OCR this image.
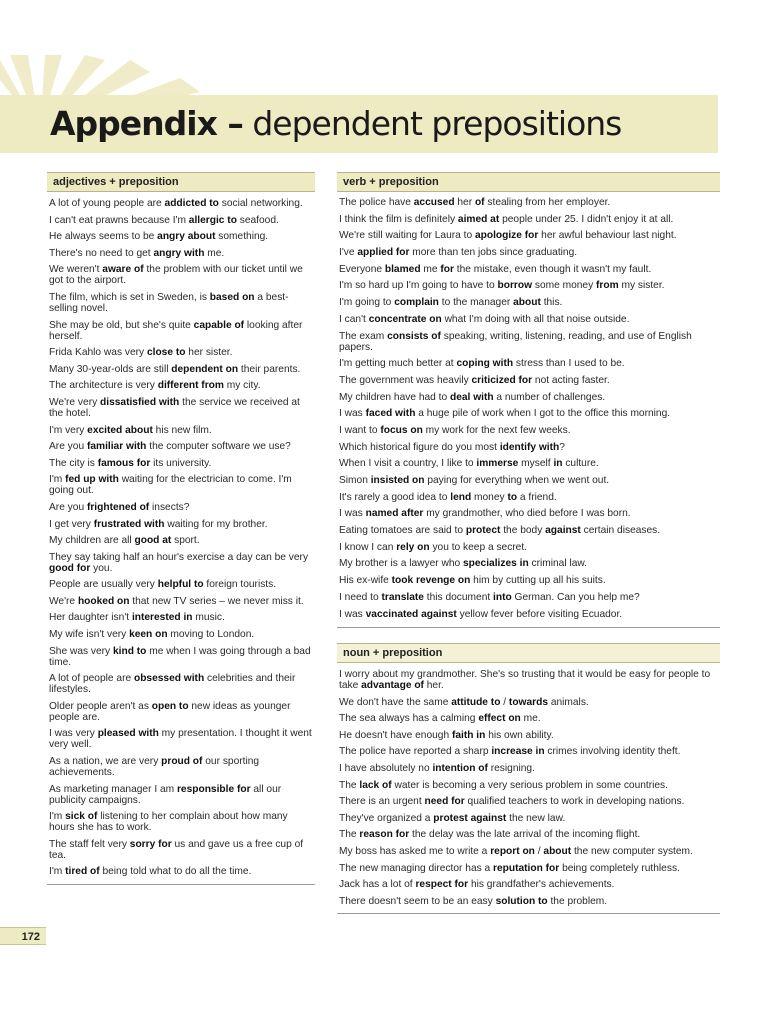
Appendix – dependent prepositions
adjectives + preposition
A lot of young people are addicted to social networking.
I can't eat prawns because I'm allergic to seafood.
He always seems to be angry about something.
There's no need to get angry with me.
We weren't aware of the problem with our ticket until we got to the airport.
The film, which is set in Sweden, is based on a best-selling novel.
She may be old, but she's quite capable of looking after herself.
Frida Kahlo was very close to her sister.
Many 30-year-olds are still dependent on their parents.
The architecture is very different from my city.
We're very dissatisfied with the service we received at the hotel.
I'm very excited about his new film.
Are you familiar with the computer software we use?
The city is famous for its university.
I'm fed up with waiting for the electrician to come. I'm going out.
Are you frightened of insects?
I get very frustrated with waiting for my brother.
My children are all good at sport.
They say taking half an hour's exercise a day can be very good for you.
People are usually very helpful to foreign tourists.
We're hooked on that new TV series – we never miss it.
Her daughter isn't interested in music.
My wife isn't very keen on moving to London.
She was very kind to me when I was going through a bad time.
A lot of people are obsessed with celebrities and their lifestyles.
Older people aren't as open to new ideas as younger people are.
I was very pleased with my presentation. I thought it went very well.
As a nation, we are very proud of our sporting achievements.
As marketing manager I am responsible for all our publicity campaigns.
I'm sick of listening to her complain about how many hours she has to work.
The staff felt very sorry for us and gave us a free cup of tea.
I'm tired of being told what to do all the time.
verb + preposition
The police have accused her of stealing from her employer.
I think the film is definitely aimed at people under 25. I didn't enjoy it at all.
We're still waiting for Laura to apologize for her awful behaviour last night.
I've applied for more than ten jobs since graduating.
Everyone blamed me for the mistake, even though it wasn't my fault.
I'm so hard up I'm going to have to borrow some money from my sister.
I'm going to complain to the manager about this.
I can't concentrate on what I'm doing with all that noise outside.
The exam consists of speaking, writing, listening, reading, and use of English papers.
I'm getting much better at coping with stress than I used to be.
The government was heavily criticized for not acting faster.
My children have had to deal with a number of challenges.
I was faced with a huge pile of work when I got to the office this morning.
I want to focus on my work for the next few weeks.
Which historical figure do you most identify with?
When I visit a country, I like to immerse myself in culture.
Simon insisted on paying for everything when we went out.
It's rarely a good idea to lend money to a friend.
I was named after my grandmother, who died before I was born.
Eating tomatoes are said to protect the body against certain diseases.
I know I can rely on you to keep a secret.
My brother is a lawyer who specializes in criminal law.
His ex-wife took revenge on him by cutting up all his suits.
I need to translate this document into German. Can you help me?
I was vaccinated against yellow fever before visiting Ecuador.
noun + preposition
I worry about my grandmother. She's so trusting that it would be easy for people to take advantage of her.
We don't have the same attitude to / towards animals.
The sea always has a calming effect on me.
He doesn't have enough faith in his own ability.
The police have reported a sharp increase in crimes involving identity theft.
I have absolutely no intention of resigning.
The lack of water is becoming a very serious problem in some countries.
There is an urgent need for qualified teachers to work in developing nations.
They've organized a protest against the new law.
The reason for the delay was the late arrival of the incoming flight.
My boss has asked me to write a report on / about the new computer system.
The new managing director has a reputation for being completely ruthless.
Jack has a lot of respect for his grandfather's achievements.
There doesn't seem to be an easy solution to the problem.
172
